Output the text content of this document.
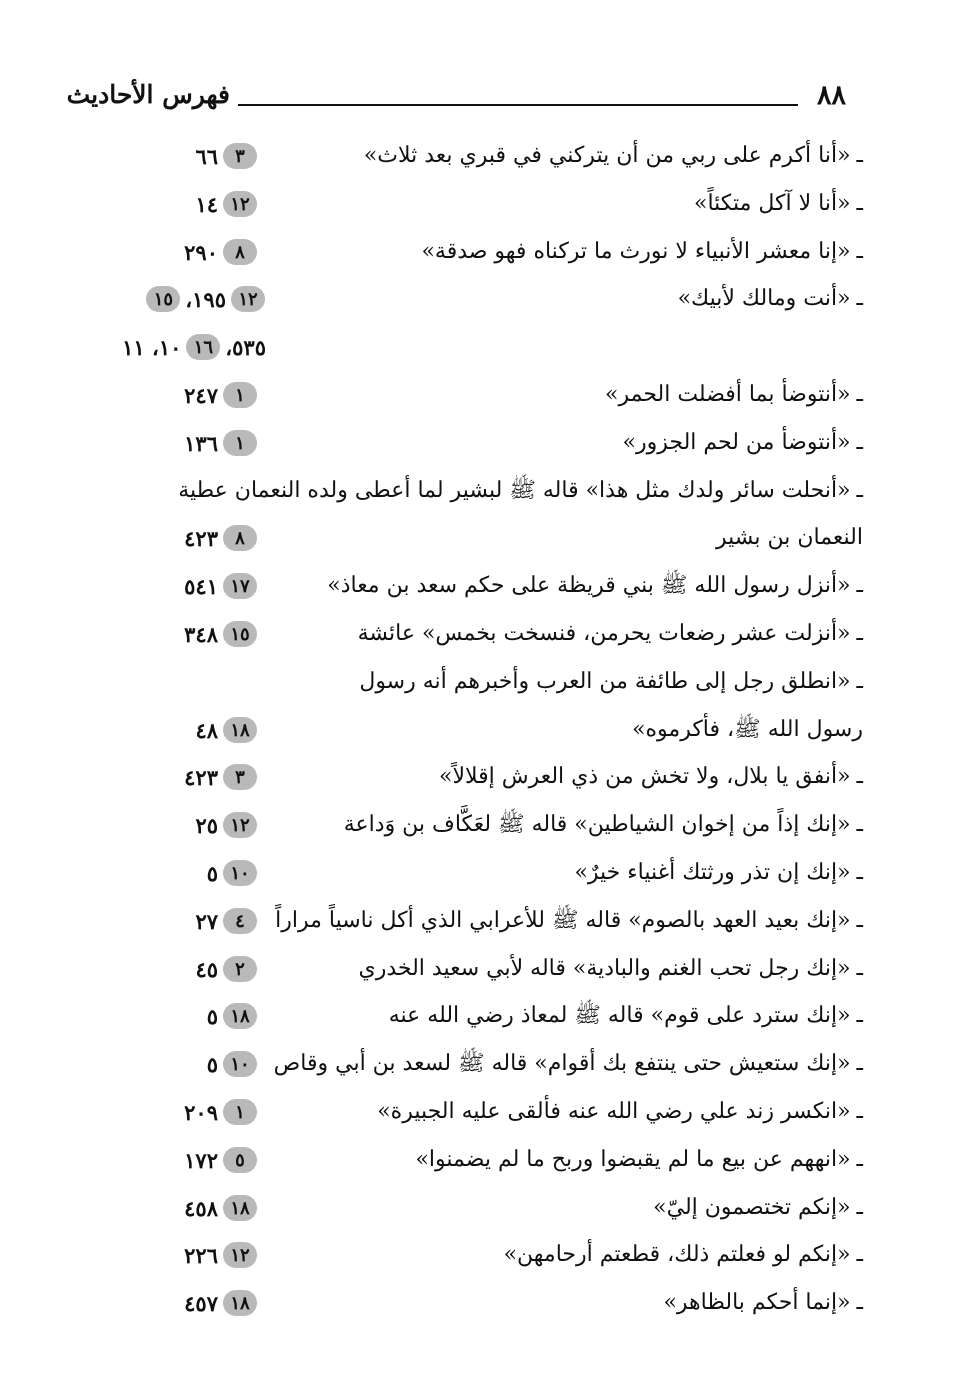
٨٨
فهرس الأحاديث
ـ«أنا أكرم على ربي من أن يتركني في قبري بعد ثلاث»
٣
٦٦
ـ«أنا لا آكل متكئاً»
١٢
١٤
ـ«إنا معشر الأنبياء لا نورث ما تركناه فهو صدقة»
٨
٢٩٠
ـ«أنت ومالك لأبيك»
١٢
١٩٥،
١٥
٥٣٥،
١٦
١٠، ١١
ـ«أنتوضأ بما أفضلت الحمر»
١
٢٤٧
ـ«أنتوضأ من لحم الجزور»
١
١٣٦
ـ«أنحلت سائر ولدك مثل هذا» قاله ﷺ لبشير لما أعطى ولده النعمان عطية
النعمان بن بشير
٨
٤٢٣
ـ«أنزل رسول الله ﷺ بني قريظة على حكم سعد بن معاذ»
١٧
٥٤١
ـ«أنزلت عشر رضعات يحرمن، فنسخت بخمس» عائشة
١٥
٣٤٨
ـ«انطلق رجل إلى طائفة من العرب وأخبرهم أنه رسول
رسول الله ﷺ، فأكرموه»
١٨
٤٨
ـ«أنفق يا بلال، ولا تخش من ذي العرش إقلالاً»
٣
٤٢٣
ـ«إنك إذاً من إخوان الشياطين» قاله ﷺ لعَكَّاف بن وَداعة
١٢
٢٥
ـ«إنك إن تذر ورثتك أغنياء خيرٌ»
١٠
٥
ـ«إنك بعيد العهد بالصوم» قاله ﷺ للأعرابي الذي أكل ناسياً مراراً
٤
٢٧
ـ«إنك رجل تحب الغنم والبادية» قاله لأبي سعيد الخدري
٢
٤٥
ـ«إنك سترد على قوم» قاله ﷺ لمعاذ رضي الله عنه
١٨
٥
ـ«إنك ستعيش حتى ينتفع بك أقوام» قاله ﷺ لسعد بن أبي وقاص
١٠
٥
ـ«انكسر زند علي رضي الله عنه فألقى عليه الجبيرة»
١
٢٠٩
ـ«انههم عن بيع ما لم يقبضوا وربح ما لم يضمنوا»
٥
١٧٢
ـ«إنكم تختصمون إليّ»
١٨
٤٥٨
ـ«إنكم لو فعلتم ذلك، قطعتم أرحامهن»
١٢
٢٢٦
ـ«إنما أحكم بالظاهر»
١٨
٤٥٧
